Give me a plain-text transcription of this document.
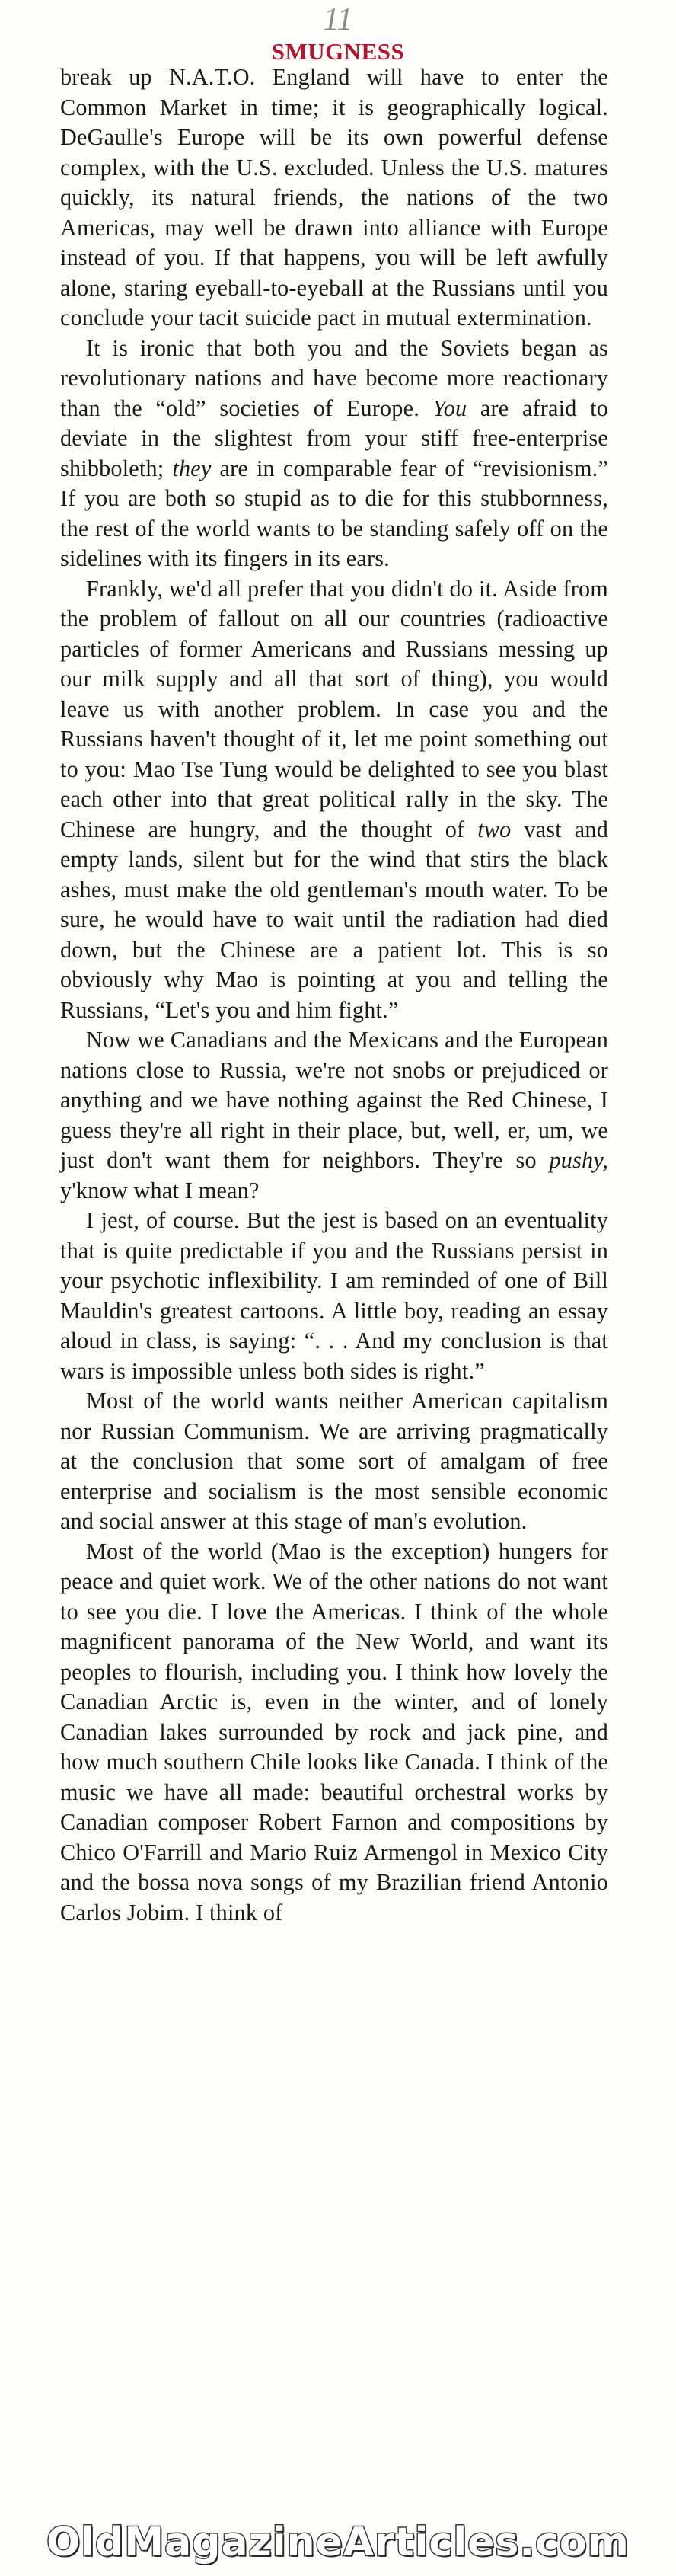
11
SMUGNESS

break up N.A.T.O. England will have to enter the Common Market in time; it is geographically logical. DeGaulle's Europe will be its own powerful defense complex, with the U.S. excluded. Unless the U.S. matures quickly, its natural friends, the nations of the two Americas, may well be drawn into alliance with Europe instead of you. If that happens, you will be left awfully alone, staring eyeball-to-eyeball at the Russians until you conclude your tacit suicide pact in mutual extermination.

It is ironic that both you and the Soviets began as revolutionary nations and have become more reactionary than the “old” societies of Europe. You are afraid to deviate in the slightest from your stiff free-enterprise shibboleth; they are in comparable fear of “revisionism.” If you are both so stupid as to die for this stubbornness, the rest of the world wants to be standing safely off on the sidelines with its fingers in its ears.

Frankly, we'd all prefer that you didn't do it. Aside from the problem of fallout on all our countries (radioactive particles of former Americans and Russians messing up our milk supply and all that sort of thing), you would leave us with another problem. In case you and the Russians haven't thought of it, let me point something out to you: Mao Tse Tung would be delighted to see you blast each other into that great political rally in the sky. The Chinese are hungry, and the thought of two vast and empty lands, silent but for the wind that stirs the black ashes, must make the old gentleman's mouth water. To be sure, he would have to wait until the radiation had died down, but the Chinese are a patient lot. This is so obviously why Mao is pointing at you and telling the Russians, “Let's you and him fight.”

Now we Canadians and the Mexicans and the European nations close to Russia, we're not snobs or prejudiced or anything and we have nothing against the Red Chinese, I guess they're all right in their place, but, well, er, um, we just don't want them for neighbors. They're so pushy, y'know what I mean?

I jest, of course. But the jest is based on an eventuality that is quite predictable if you and the Russians persist in your psychotic inflexibility. I am reminded of one of Bill Mauldin's greatest cartoons. A little boy, reading an essay aloud in class, is saying: “. . . And my conclusion is that wars is impossible unless both sides is right.”

Most of the world wants neither American capitalism nor Russian Communism. We are arriving pragmatically at the conclusion that some sort of amalgam of free enterprise and socialism is the most sensible economic and social answer at this stage of man's evolution.

Most of the world (Mao is the exception) hungers for peace and quiet work. We of the other nations do not want to see you die. I love the Americas. I think of the whole magnificent panorama of the New World, and want its peoples to flourish, including you. I think how lovely the Canadian Arctic is, even in the winter, and of lonely Canadian lakes surrounded by rock and jack pine, and how much southern Chile looks like Canada. I think of the music we have all made: beautiful orchestral works by Canadian composer Robert Farnon and compositions by Chico O'Farrill and Mario Ruiz Armengol in Mexico City and the bossa nova songs of my Brazilian friend Antonio Carlos Jobim. I think of

OldMagazineArticles.com
